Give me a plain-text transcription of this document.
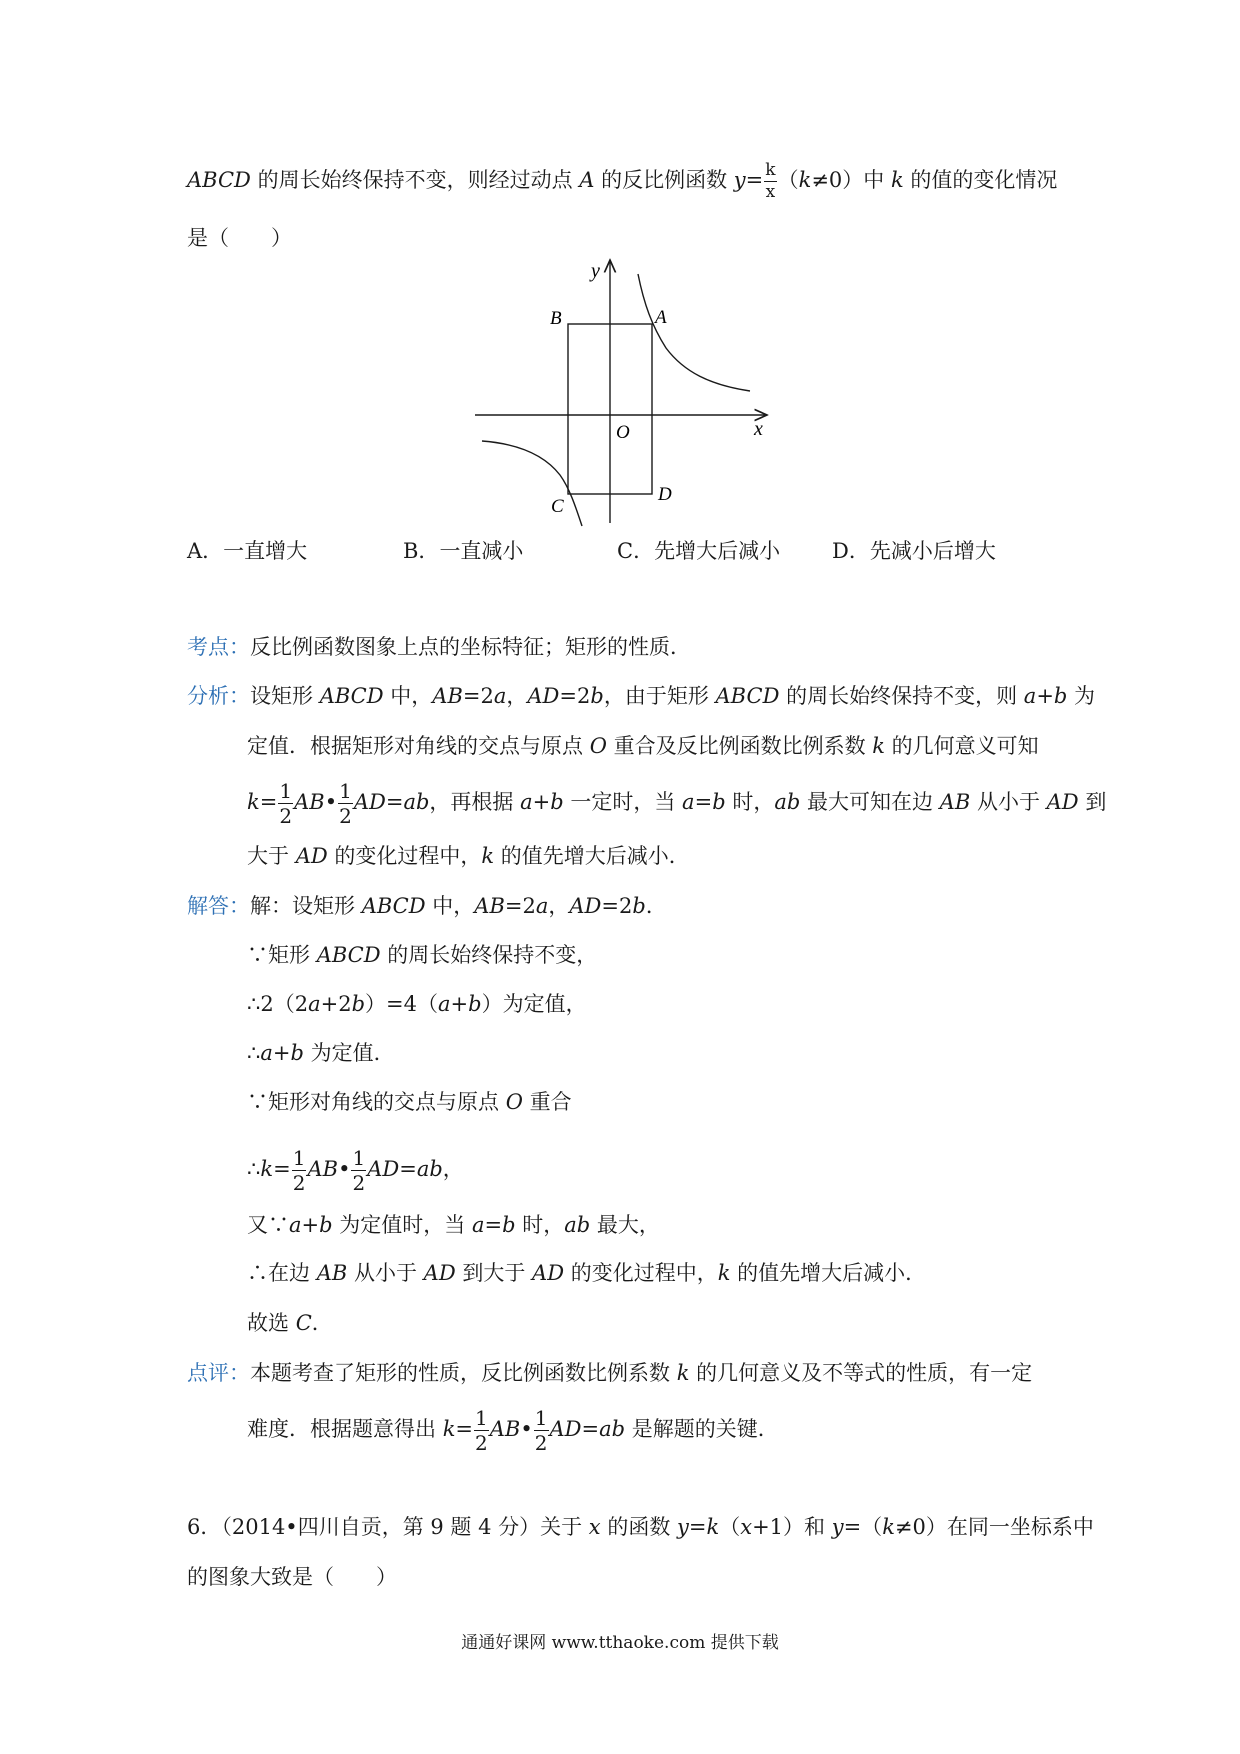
ABCD 的周长始终保持不变，则经过动点 A 的反比例函数 $y= \frac{k}{x} (k\ne 0)$中 k 的值的变化情况
是（　　）
y
x
O
A
B
C
D
A．一直增大	B．一直减小	C．先增大后减小 D．先减小后增大
考点：反比例函数图象上点的坐标特征；矩形的性质．
分析：设矩形 ABCD 中，AB=2a，AD=2b，由于矩形 ABCD 的周长始终保持不变，则 a+b 为
定值．根据矩形对角线的交点与原点 O 重合及反比例函数比例系数 k 的几何意义可知
$k= \frac{1}{2}$ AB• $\frac{1}{2} AD=ab$，再根据 a+b 一定时，当 a=b 时，ab 最大可知在边 AB 从小于 AD 到
大于 AD 的变化过程中，k 的值先增大后减小．
解答：解：设矩形 ABCD 中，AB=2a，AD=2b．
∵矩形 ABCD 的周长始终保持不变，
∴2（2a+2b）=4（a+b）为定值，
∴a+b 为定值．
∵矩形对角线的交点与原点 O 重合
∴k= $\frac{1}{2}$ AB• $\frac{1}{2} AD=ab$，
又∵a+b 为定值时，当 a=b 时，ab 最大，
∴在边 AB 从小于 AD 到大于 AD 的变化过程中，k 的值先增大后减小．
故选 C．
点评：本题考查了矩形的性质，反比例函数比例系数 k 的几何意义及不等式的性质，有一定
难度．根据题意得出 $k= \frac{1}{2}$ AB• $\frac{1}{2} AD=ab$ 是解题的关键．
6．（2014•四川自贡，第 9 题 4 分）关于 x 的函数 y=k（x+1）和 y=（k≠0）在同一坐标系中
的图象大致是（　　）
通通好课网 www.tthaoke.com 提供下载
